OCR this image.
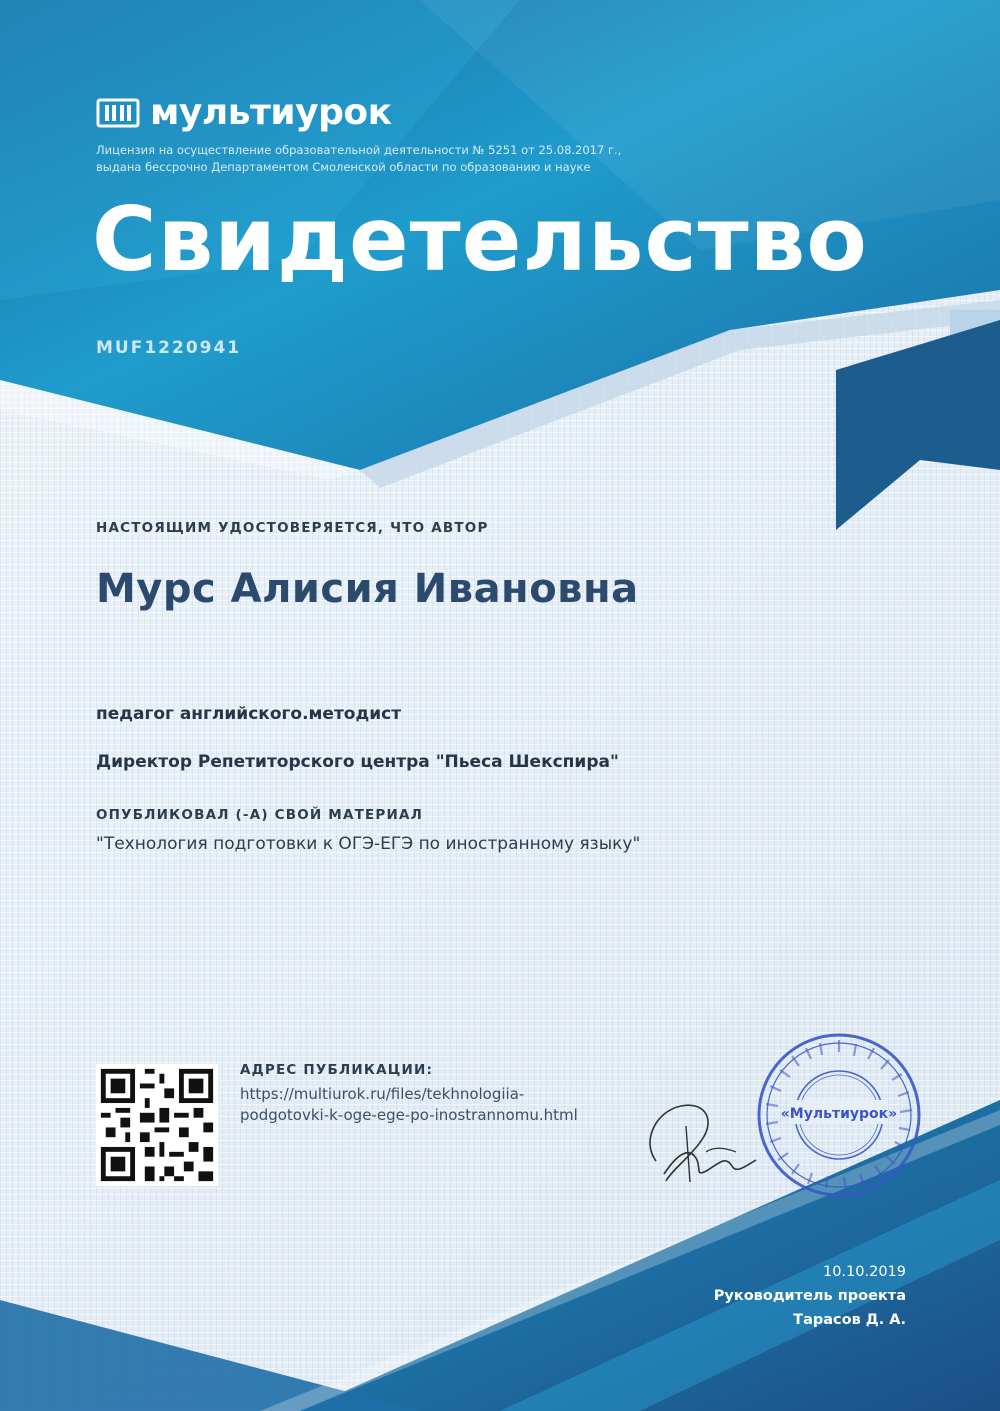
мультиурок
Лицензия на осуществление образовательной деятельности № 5251 от 25.08.2017 г.,
выдана бессрочно Департаментом Смоленской области по образованию и науке
Свидетельство
MUF1220941
НАСТОЯЩИМ УДОСТОВЕРЯЕТСЯ, ЧТО АВТОР
Мурс Алисия Ивановна
педагог английского.методист
Директор Репетиторского центра "Пьеса Шекспира"
ОПУБЛИКОВАЛ (-А) СВОЙ МАТЕРИАЛ
"Технология подготовки к ОГЭ-ЕГЭ по иностранному языку"
АДРЕС ПУБЛИКАЦИИ:
https://multiurok.ru/files/tekhnologiia-
podgotovki-k-oge-ege-po-inostrannomu.html	«Мультиурок»
10.10.2019
Руководитель проекта
Тарасов Д. А.
